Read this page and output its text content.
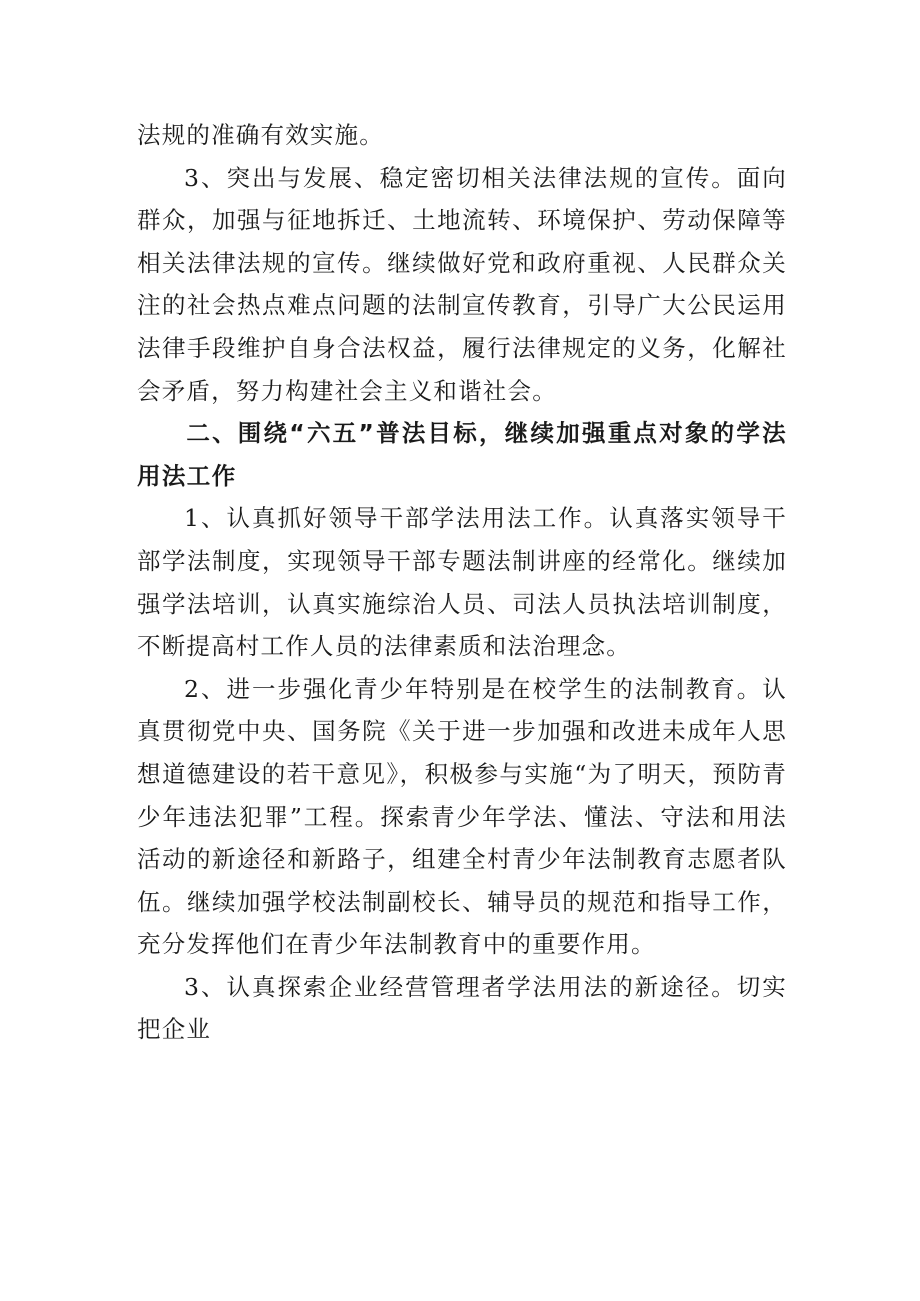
法规的准确有效实施。

3、突出与发展、稳定密切相关法律法规的宣传。面向群众，加强与征地拆迁、土地流转、环境保护、劳动保障等相关法律法规的宣传。继续做好党和政府重视、人民群众关注的社会热点难点问题的法制宣传教育，引导广大公民运用法律手段维护自身合法权益，履行法律规定的义务，化解社会矛盾，努力构建社会主义和谐社会。

二、围绕“六五”普法目标，继续加强重点对象的学法用法工作

1、认真抓好领导干部学法用法工作。认真落实领导干部学法制度，实现领导干部专题法制讲座的经常化。继续加强学法培训，认真实施综治人员、司法人员执法培训制度，不断提高村工作人员的法律素质和法治理念。

2、进一步强化青少年特别是在校学生的法制教育。认真贯彻党中央、国务院《关于进一步加强和改进未成年人思想道德建设的若干意见》，积极参与实施“为了明天，预防青少年违法犯罪”工程。探索青少年学法、懂法、守法和用法活动的新途径和新路子，组建全村青少年法制教育志愿者队伍。继续加强学校法制副校长、辅导员的规范和指导工作，充分发挥他们在青少年法制教育中的重要作用。

3、认真探索企业经营管理者学法用法的新途径。切实把企业
